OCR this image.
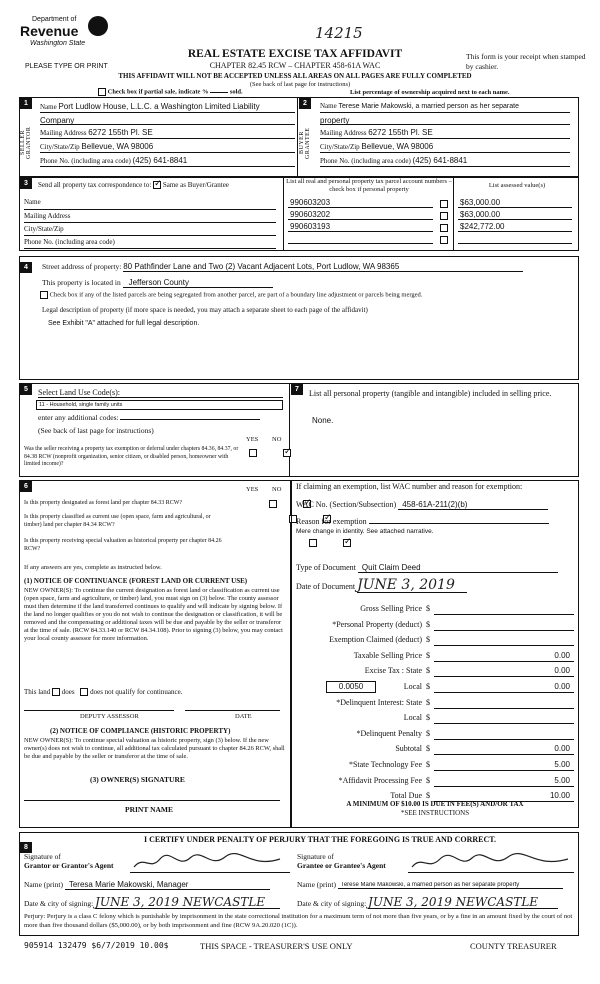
14215
Department of
Revenue
Washington State
PLEASE TYPE OR PRINT
REAL ESTATE EXCISE TAX AFFIDAVIT
CHAPTER 82.45 RCW – CHAPTER 458-61A WAC
THIS AFFIDAVIT WILL NOT BE ACCEPTED UNLESS ALL AREAS ON ALL PAGES ARE FULLY COMPLETED
(See back of last page for instructions)
This form is your receipt when stamped by cashier.
Check box if partial sale, indicate %	sold.	List percentage of ownership acquired next to each name.
1
SELLER GRANTOR
Name Port Ludlow House, L.L.C. a Washington Limited Liability
Company
Mailing Address 6272 155th Pl. SE
City/State/Zip Bellevue, WA 98006
Phone No. (including area code) (425) 641-8841
2
BUYER GRANTEE
Name Terese Marie Makowski, a married person as her separate
property
Mailing Address 6272 155th Pl. SE
City/State/Zip Bellevue, WA 98006
Phone No. (including area code) (425) 641-8841
3	Send all property tax correspondence to: ✓ Same as Buyer/Grantee
Name
Mailing Address
City/State/Zip
Phone No. (including area code)
List all real and personal property tax parcel account numbers – check box if personal property
List assessed value(s)
990603203	$63,000.00
990603202	$63,000.00
990603193	$242,772.00
4	Street address of property: 80 Pathfinder Lane and Two (2) Vacant Adjacent Lots, Port Ludlow, WA 98365
This property is located in Jefferson County
Check box if any of the listed parcels are being segregated from another parcel, are part of a boundary line adjustment or parcels being merged.
Legal description of property (if more space is needed, you may attach a separate sheet to each page of the affidavit)
See Exhibit "A" attached for full legal description.
5	Select Land Use Code(s):
11 - Household, single family units
enter any additional codes:
(See back of last page for instructions)
YES NO
Was the seller receiving a property tax exemption or deferral under chapters 84.36, 84.37, or 84.38 RCW (nonprofit organization, senior citizen, or disabled person, homeowner with limited income)?
✓
7	List all personal property (tangible and intangible) included in selling price.
None.
6	YES NO
Is this property designated as forest land per chapter 84.33 RCW?
✓
Is this property classified as current use (open space, farm and agricultural, or timber) land per chapter 84.34 RCW?
✓
Is this property receiving special valuation as historical property per chapter 84.26 RCW?
✓
If any answers are yes, complete as instructed below.
(1) NOTICE OF CONTINUANCE (FOREST LAND OR CURRENT USE)
NEW OWNER(S): To continue the current designation as forest land or classification as current use (open space, farm and agriculture, or timber) land, you must sign on (3) below. The county assessor must then determine if the land transferred continues to qualify and will indicate by signing below. If the land no longer qualifies or you do not wish to continue the designation or classification, it will be removed and the compensating or additional taxes will be due and payable by the seller or transferor at the time of sale. (RCW 84.33.140 or RCW 84.34.108). Prior to signing (3) below, you may contact your local county assessor for more information.
This land does does not qualify for continuance.
DEPUTY ASSESSOR	DATE
(2) NOTICE OF COMPLIANCE (HISTORIC PROPERTY)
NEW OWNER(S): To continue special valuation as historic property, sign (3) below. If the new owner(s) does not wish to continue, all additional tax calculated pursuant to chapter 84.26 RCW, shall be due and payable by the seller or transferor at the time of sale.
(3) OWNER(S) SIGNATURE
PRINT NAME
If claiming an exemption, list WAC number and reason for exemption:
WAC No. (Section/Subsection) 458-61A-211(2)(b)
Reason for exemption
Mere change in identity. See attached narrative.
Type of Document Quit Claim Deed
Date of Document JUNE 3, 2019
Gross Selling Price $
*Personal Property (deduct) $
Exemption Claimed (deduct) $
Taxable Selling Price $	0.00
Excise Tax : State $	0.00
0.0050	Local $	0.00
*Delinquent Interest: State $
Local $
*Delinquent Penalty $
Subtotal $	0.00
*State Technology Fee $	5.00
*Affidavit Processing Fee $	5.00
Total Due $	10.00
A MINIMUM OF $10.00 IS DUE IN FEE(S) AND/OR TAX
*SEE INSTRUCTIONS
8
I CERTIFY UNDER PENALTY OF PERJURY THAT THE FOREGOING IS TRUE AND CORRECT.
Signature of
Grantor or Grantor's Agent
Name (print) Teresa Marie Makowski, Manager
Date & city of signing: JUNE 3, 2019 NEWCASTLE
Signature of
Grantee or Grantee's Agent
Name (print) Terese Marie Makowski, a married person as her separate property
Date & city of signing: JUNE 3, 2019 NEWCASTLE
Perjury: Perjury is a class C felony which is punishable by imprisonment in the state correctional institution for a maximum term of not more than five years, or by a fine in an amount fixed by the court of not more than five thousand dollars ($5,000.00), or by both imprisonment and fine (RCW 9A.20.020 (1C)).
905914 132479 $6/7/2019 10.00$	THIS SPACE - TREASURER'S USE ONLY	COUNTY TREASURER
